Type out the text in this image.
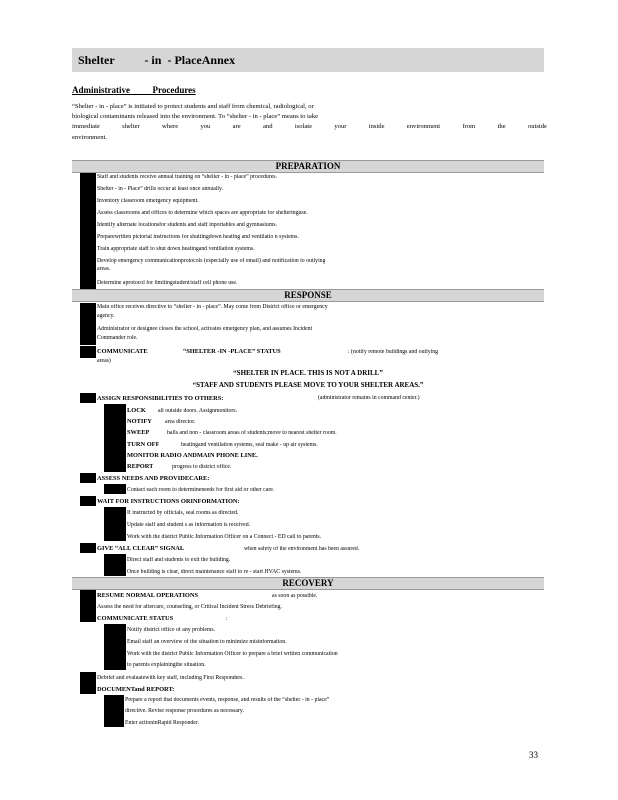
Shelter          - in  - PlaceAnnex
Administrative          Procedures

“Shelter - in - place” is initiated to protect students and staff from chemical, radiological, or

biological contaminants released into the environment. To “shelter - in - place” means to take

immediate shelter where you are and isolate your inside environment from the outside

environment.

PREPARATION
Staff and students receive annual training on “shelter - in - place” procedures.
Shelter - in - Place” drills occur at least once annually.
Inventory classroom emergency equipment.
Assess classrooms and offices to determine which spaces are appropriate for shelteringuse.
Identify alternate locationsfor students and staff inportables and gymnasiums.
Preparewritten pictorial instructions for shuttingdown heating and ventilatio n systems.
Train appropriate staff to shut down heatingand ventilation systems.
Develop emergency communicationprotocols (especially use of email) and notification to outlying
areas.
Determine aprotocol for limitingstudent/staff cell phone use.
RESPONSE
Main office receives directive to “shelter - in - place”. May come from District office or emergency
agency.
Administrator or designee closes the school, activates emergency plan, and assumes Incident
Commander role.
COMMUNICATE	“SHELTER -IN -PLACE” STATUS	: (notify remote buildings and outlying
areas)
“SHELTER IN PLACE. THIS IS NOT A DRILL”
“STAFF AND STUDENTS PLEASE MOVE TO YOUR SHELTER AREAS.”
ASSIGN RESPONSIBILITIES TO OTHERS:	(administrator remains in command center.)
LOCK all outside doors. Assignmonitors.
NOTIFY area director.
SWEEP	halls and non - classroom areas of students;move to nearest shelter room.
TURN OFF	heatingand ventilation systems, seal make - up air systems.
MONITOR RADIO ANDMAIN PHONE LINE.
REPORT	progress to district office.
ASSESS NEEDS AND PROVIDECARE:
Contact each room to determineneeds for first aid or other care.
WAIT FOR INSTRUCTIONS ORINFORMATION:
If instructed by officials, seal rooms as directed.
Update staff and student s as information is received.
Work with the district Public Information Officer on a Connect - ED call to parents.
GIVE “ALL CLEAR” SIGNAL	when safety of the environment has been assured.
Direct staff and students to exit the building.
Once building is clear, direct maintenance staff to re - start HVAC systems.
RECOVERY
RESUME NORMAL OPERATIONS	as soon as possible.
Assess the need for aftercare, counseling, or Critical Incident Stress Debriefing.
COMMUNICATE STATUS	:
Notify district office of any problems.
Email staff an overview of the situation to minimize misinformation.
Work with the district Public Information Officer to prepare a brief written communication
to parents explainingthe situation.
Debrief and evaluatewith key staff, including First Responders.
DOCUMENTand REPORT:
Prepare a report that documents events, response, and results of the “shelter - in - place”
directive. Revise response procedures as necessary.
Enter actioninRapid Responder.
33
